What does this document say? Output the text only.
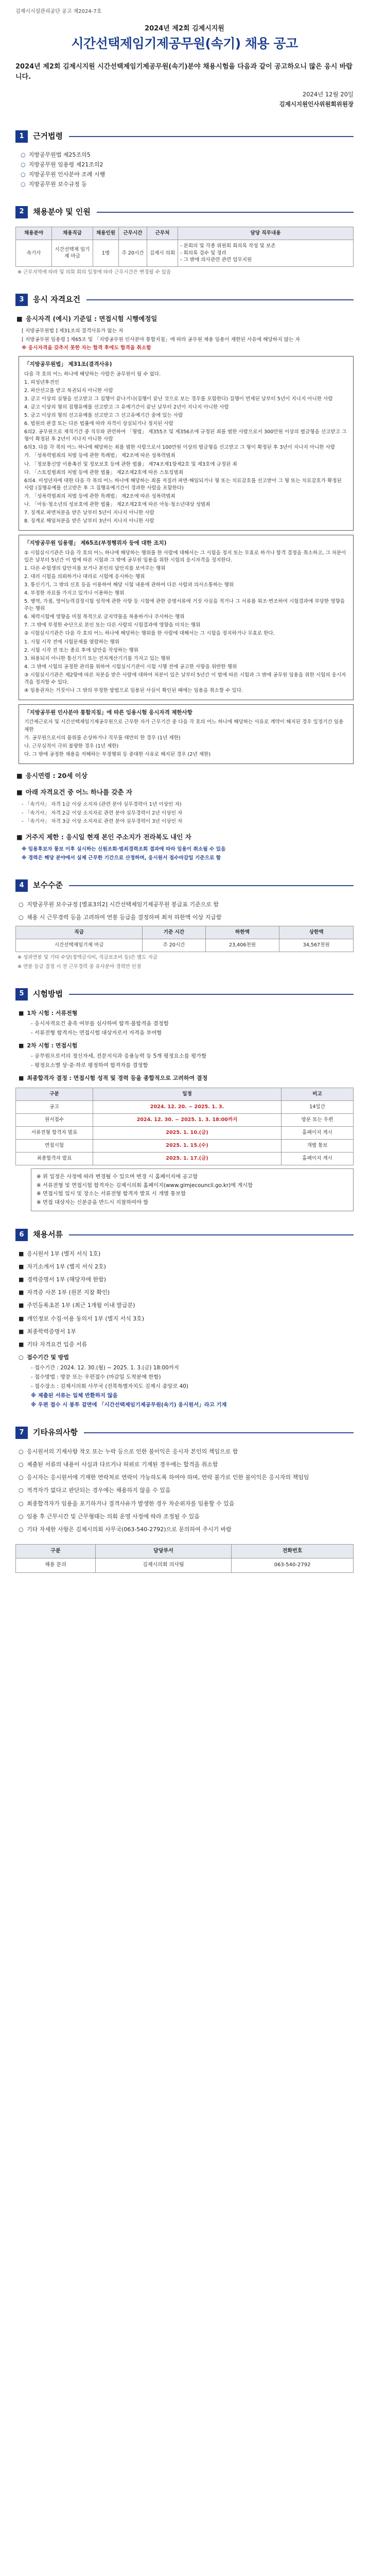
김제시시설관리공단 공고 제2024-7호
2024년 제2회 김제시지원
시간선택제임기제공무원(속기) 채용 공고
2024년 제2회 김제시지원 시간선택제임기제공무원(속기)분야 채용시험을 다음과 같이 공고하오니 많은 응시 바랍니다.
2024년 12월 20일
김제시지원인사위원회위원장
1	근거법령
○ 지방공무원법 제25조의5
○ 지방공무원 임용령 제21조의2
○ 지방공무원 인사분야 조례 시행
○ 지방공무원 보수규정 등
2	채용분야 및 인원
채용분야	채용직급	채용인원	근무시간	근무처	담당 직무내용
속기사	시간선택제 임기제 마급	1명	주 20시간	김제시 의회	- 본회의 및 각종 위원회 회의록 작성 및 보존
- 회의록 검수 및 정리
- 그 밖에 의사관련 관련 업무지원
※ 근무지역에 따라 및 의회 회의 일정에 따라 근무시간은 변경될 수 있음
3	응시 자격요건
■ 응시자격 (예시) 기준일 : 면접시험 시행예정일

[ 지방공무원법 ] 제31조의 결격사유가 없는 자

[ 지방공무원 임용령 ] 제65조 및 「지방공무원 인사분야 통합지침」에 따라 공무원 채용 임용이 제한된 사유에 해당하지 않는 자

※ 응시자격을 갖추지 못한 자는 합격 후에도 합격을 취소함

「지방공무원법」 제31조(결격사유)

다음 각 호의 어느 하나에 해당하는 사람은 공무원이 될 수 없다.

1. 피성년후견인

2. 파산선고를 받고 복권되지 아니한 사람

3. 금고 이상의 실형을 선고받고 그 집행이 끝나거나(집행이 끝난 것으로 보는 경우를 포함한다) 집행이 면제된 날부터 5년이 지나지 아니한 사람

4. 금고 이상의 형의 집행유예를 선고받고 그 유예기간이 끝난 날부터 2년이 지나지 아니한 사람

5. 금고 이상의 형의 선고유예를 선고받고 그 선고유예기간 중에 있는 사람

6. 법원의 판결 또는 다른 법률에 따라 자격이 상실되거나 정지된 사람

6의2. 공무원으로 재직기간 중 직무와 관련하여 「형법」 제355조 및 제356조에 규정된 죄를 범한 사람으로서 300만원 이상의 벌금형을 선고받고 그 형이 확정된 후 2년이 지나지 아니한 사람

6의3. 다음 각 목의 어느 하나에 해당하는 죄를 범한 사람으로서 100만원 이상의 벌금형을 선고받고 그 형이 확정된 후 3년이 지나지 아니한 사람

가. 「성폭력범죄의 처벌 등에 관한 특례법」 제2조에 따른 성폭력범죄

나. 「정보통신망 이용촉진 및 정보보호 등에 관한 법률」 제74조제1항제2호 및 제3호에 규정된 죄

다. 「스토킹범죄의 처벌 등에 관한 법률」 제2조제2호에 따른 스토킹범죄

6의4. 미성년자에 대한 다음 각 목의 어느 하나에 해당하는 죄를 저질러 파면·해임되거나 형 또는 치료감호를 선고받아 그 형 또는 치료감호가 확정된 사람 (집행유예를 선고받은 후 그 집행유예기간이 경과한 사람을 포함한다)

가. 「성폭력범죄의 처벌 등에 관한 특례법」 제2조에 따른 성폭력범죄

나. 「아동·청소년의 성보호에 관한 법률」 제2조제2호에 따른 아동·청소년대상 성범죄

7. 징계로 파면처분을 받은 날부터 5년이 지나지 아니한 사람

8. 징계로 해임처분을 받은 날부터 3년이 지나지 아니한 사람

「지방공무원 임용령」 제65조(부정행위자 등에 대한 조치)

① 시험실시기관은 다음 각 호의 어느 하나에 해당하는 행위를 한 사람에 대해서는 그 시험을 정지 또는 무효로 하거나 합격 결정을 취소하고, 그 처분이 있은 날부터 5년간 이 법에 따른 시험과 그 밖에 공무원 임용을 위한 시험의 응시자격을 정지한다.

1. 다른 수험생의 답안지를 보거나 본인의 답안지를 보여주는 행위

2. 대리 시험을 의뢰하거나 대리로 시험에 응시하는 행위

3. 통신기기, 그 밖의 신호 등을 이용하여 해당 시험 내용에 관하여 다른 사람과 의사소통하는 행위

4. 부정한 자료를 가지고 있거나 이용하는 행위

5. 병역, 가점, 영어능력검정시험 성적에 관한 사항 등 시험에 관한 증명서류에 거짓 사실을 적거나 그 서류를 위조·변조하여 시험결과에 부당한 영향을 주는 행위

6. 체력시험에 영향을 미칠 목적으로 금지약물을 복용하거나 주사하는 행위

7. 그 밖에 부정한 수단으로 본인 또는 다른 사람의 시험결과에 영향을 미치는 행위

② 시험실시기관은 다음 각 호의 어느 하나에 해당하는 행위를 한 사람에 대해서는 그 시험을 정지하거나 무효로 한다.

1. 시험 시작 전에 시험문제를 열람하는 행위

2. 시험 시작 전 또는 종료 후에 답안을 작성하는 행위

3. 허용되지 아니한 통신기기 또는 전자계산기기를 가지고 있는 행위

4. 그 밖에 시험의 공정한 관리를 위하여 시험실시기관이 시험 시행 전에 공고한 사항을 위반한 행위

③ 시험실시기관은 제2항에 따른 처분을 받은 사람에 대하여 처분이 있은 날부터 5년간 이 법에 따른 시험과 그 밖에 공무원 임용을 위한 시험의 응시자격을 정지할 수 있다.

④ 임용권자는 거짓이나 그 밖의 부정한 방법으로 임용된 사실이 확인된 때에는 임용을 취소할 수 있다.

「지방공무원 인사분야 통합지침」에 따른 임용시험 응시자격 제한사항

기간제근로자 및 시간선택제임기제공무원으로 근무한 자가 근무기간 중 다음 각 호의 어느 하나에 해당하는 사유로 계약이 해지된 경우 일정기간 임용 제한

가. 공무원으로서의 품위를 손상하거나 직무를 태만히 한 경우 (1년 제한)

나. 근무실적이 극히 불량한 경우 (1년 제한)

다. 그 밖에 공정한 채용을 저해하는 부정행위 등 중대한 사유로 해지된 경우 (2년 제한)

■ 응시연령 : 20세 이상
■ 아래 자격요건 중 어느 하나를 갖춘 자

- 「속기사」 자격 1급 이상 소지자 (관련 분야 실무경력이 1년 이상인 자)

- 「속기사」 자격 2급 이상 소지자로 관련 분야 실무경력이 2년 이상인 자

- 「속기사」 자격 3급 이상 소지자로 관련 분야 실무경력이 3년 이상인 자

■ 거주지 제한 : 응시일 현재 본인 주소지가 전라북도 내인 자

※ 임용후보자 통보 이후 실시하는 신원조회·범죄경력조회 결과에 따라 임용이 취소될 수 있음

※ 경력은 해당 분야에서 실제 근무한 기간으로 산정하며, 응시원서 접수마감일 기준으로 함

4	보수수준
○ 지방공무원 보수규정 [별표3의2] 시간선택제임기제공무원 봉급표 기준으로 함
○ 채용 시 근무경력 등을 고려하여 연봉 등급을 결정하며 최저 하한액 이상 지급함
직급	기준 시간	하한액	상한액
시간선택제임기제 마급	주 20시간	23,406천원	34,567천원
※ 성과연봉 및 기타 수당(정액급식비, 직급보조비 등)은 별도 지급
※ 연봉 등급 결정 시 전 근무경력 중 유사분야 경력만 인정
5	시험방법
■ 1차 시험 : 서류전형
- 응시자격요건 충족 여부를 심사하여 합격·불합격을 결정함
- 서류전형 합격자는 면접시험 대상자로서 자격을 부여함
■ 2차 시험 : 면접시험
- 공무원으로서의 정신자세, 전문지식과 응용능력 등 5개 평정요소를 평가함
- 평정요소별 상·중·하로 평정하여 합격자를 결정함
■ 최종합격자 결정 : 면접시험 성적 및 경력 등을 종합적으로 고려하여 결정
구분	일정	비고
공고	2024. 12. 20. ~ 2025. 1. 3.	14일간
원서접수	2024. 12. 30. ~ 2025. 1. 3. 18:00까지	방문 또는 우편
서류전형 합격자 발표	2025. 1. 10.(금)	홈페이지 게시
면접시험	2025. 1. 15.(수)	개별 통보
최종합격자 발표	2025. 1. 17.(금)	홈페이지 게시

※ 위 일정은 사정에 따라 변경될 수 있으며 변경 시 홈페이지에 공고함

※ 서류전형 및 면접시험 합격자는 김제시의회 홈페이지(www.gimjecouncil.go.kr)에 게시함

※ 면접시험 일시 및 장소는 서류전형 합격자 발표 시 개별 통보함

※ 면접 대상자는 신분증을 반드시 지참하여야 함

6	채용서류
■ 응시원서 1부 (별지 서식 1호)
■ 자기소개서 1부 (별지 서식 2호)
■ 경력증명서 1부 (해당자에 한함)
■ 자격증 사본 1부 (원본 지참 확인)
■ 주민등록초본 1부 (최근 1개월 이내 발급분)
■ 개인정보 수집·이용 동의서 1부 (별지 서식 3호)
■ 최종학력증명서 1부
■ 기타 자격요건 입증 서류
○ 접수기간 및 방법
- 접수기간 : 2024. 12. 30.(월) ~ 2025. 1. 3.(금) 18:00까지
- 접수방법 : 방문 또는 우편접수 (마감일 도착분에 한함)
- 접수장소 : 김제시의회 사무국 (전북특별자치도 김제시 중앙로 40)
※ 제출된 서류는 일체 반환하지 않음
※ 우편 접수 시 봉투 겉면에 「시간선택제임기제공무원(속기) 응시원서」라고 기재
7	기타유의사항
○ 응시원서의 기재사항 착오 또는 누락 등으로 인한 불이익은 응시자 본인의 책임으로 함
○ 제출된 서류의 내용이 사실과 다르거나 허위로 기재된 경우에는 합격을 취소함
○ 응시자는 응시원서에 기재한 연락처로 연락이 가능하도록 하여야 하며, 연락 불가로 인한 불이익은 응시자의 책임임
○ 적격자가 없다고 판단되는 경우에는 채용하지 않을 수 있음
○ 최종합격자가 임용을 포기하거나 결격사유가 발생한 경우 차순위자를 임용할 수 있음
○ 임용 후 근무시간 및 근무형태는 의회 운영 사정에 따라 조정될 수 있음
○ 기타 자세한 사항은 김제시의회 사무국(063-540-2792)으로 문의하여 주시기 바람
구분	담당부서	전화번호
채용 문의	김제시의회 의사팀	063-540-2792
